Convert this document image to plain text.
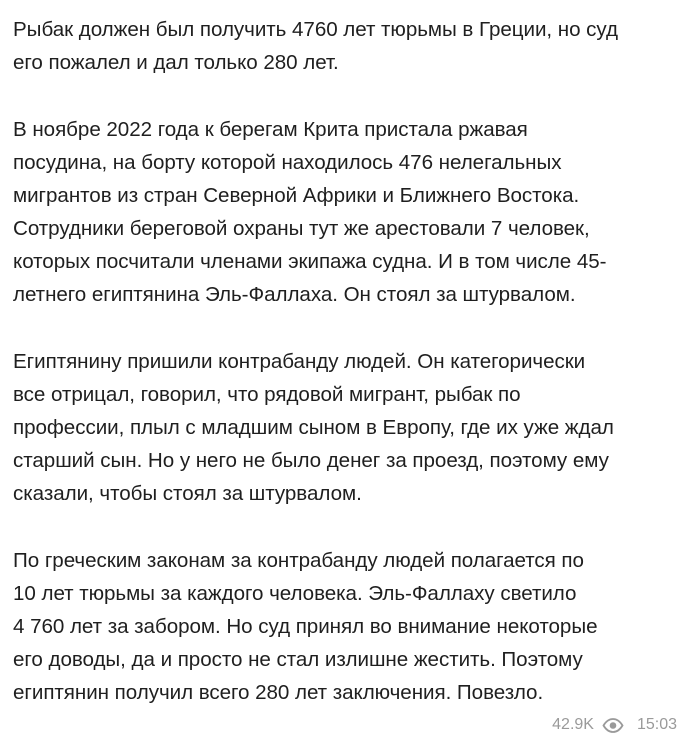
Рыбак должен был получить 4760 лет тюрьмы в Греции, но суд
его пожалел и дал только 280 лет.

В ноябре 2022 года к берегам Крита пристала ржавая
посудина, на борту которой находилось 476 нелегальных
мигрантов из стран Северной Африки и Ближнего Востока.
Сотрудники береговой охраны тут же арестовали 7 человек,
которых посчитали членами экипажа судна. И в том числе 45-
летнего египтянина Эль-Фаллаха. Он стоял за штурвалом.

Египтянину пришили контрабанду людей. Он категорически
все отрицал, говорил, что рядовой мигрант, рыбак по
профессии, плыл с младшим сыном в Европу, где их уже ждал
старший сын. Но у него не было денег за проезд, поэтому ему
сказали, чтобы стоял за штурвалом.

По греческим законам за контрабанду людей полагается по
10 лет тюрьмы за каждого человека. Эль-Фаллаху светило
4 760 лет за забором. Но суд принял во внимание некоторые
его доводы, да и просто не стал излишне жестить. Поэтому
египтянин получил всего 280 лет заключения. Повезло.

42.9K	15:03
